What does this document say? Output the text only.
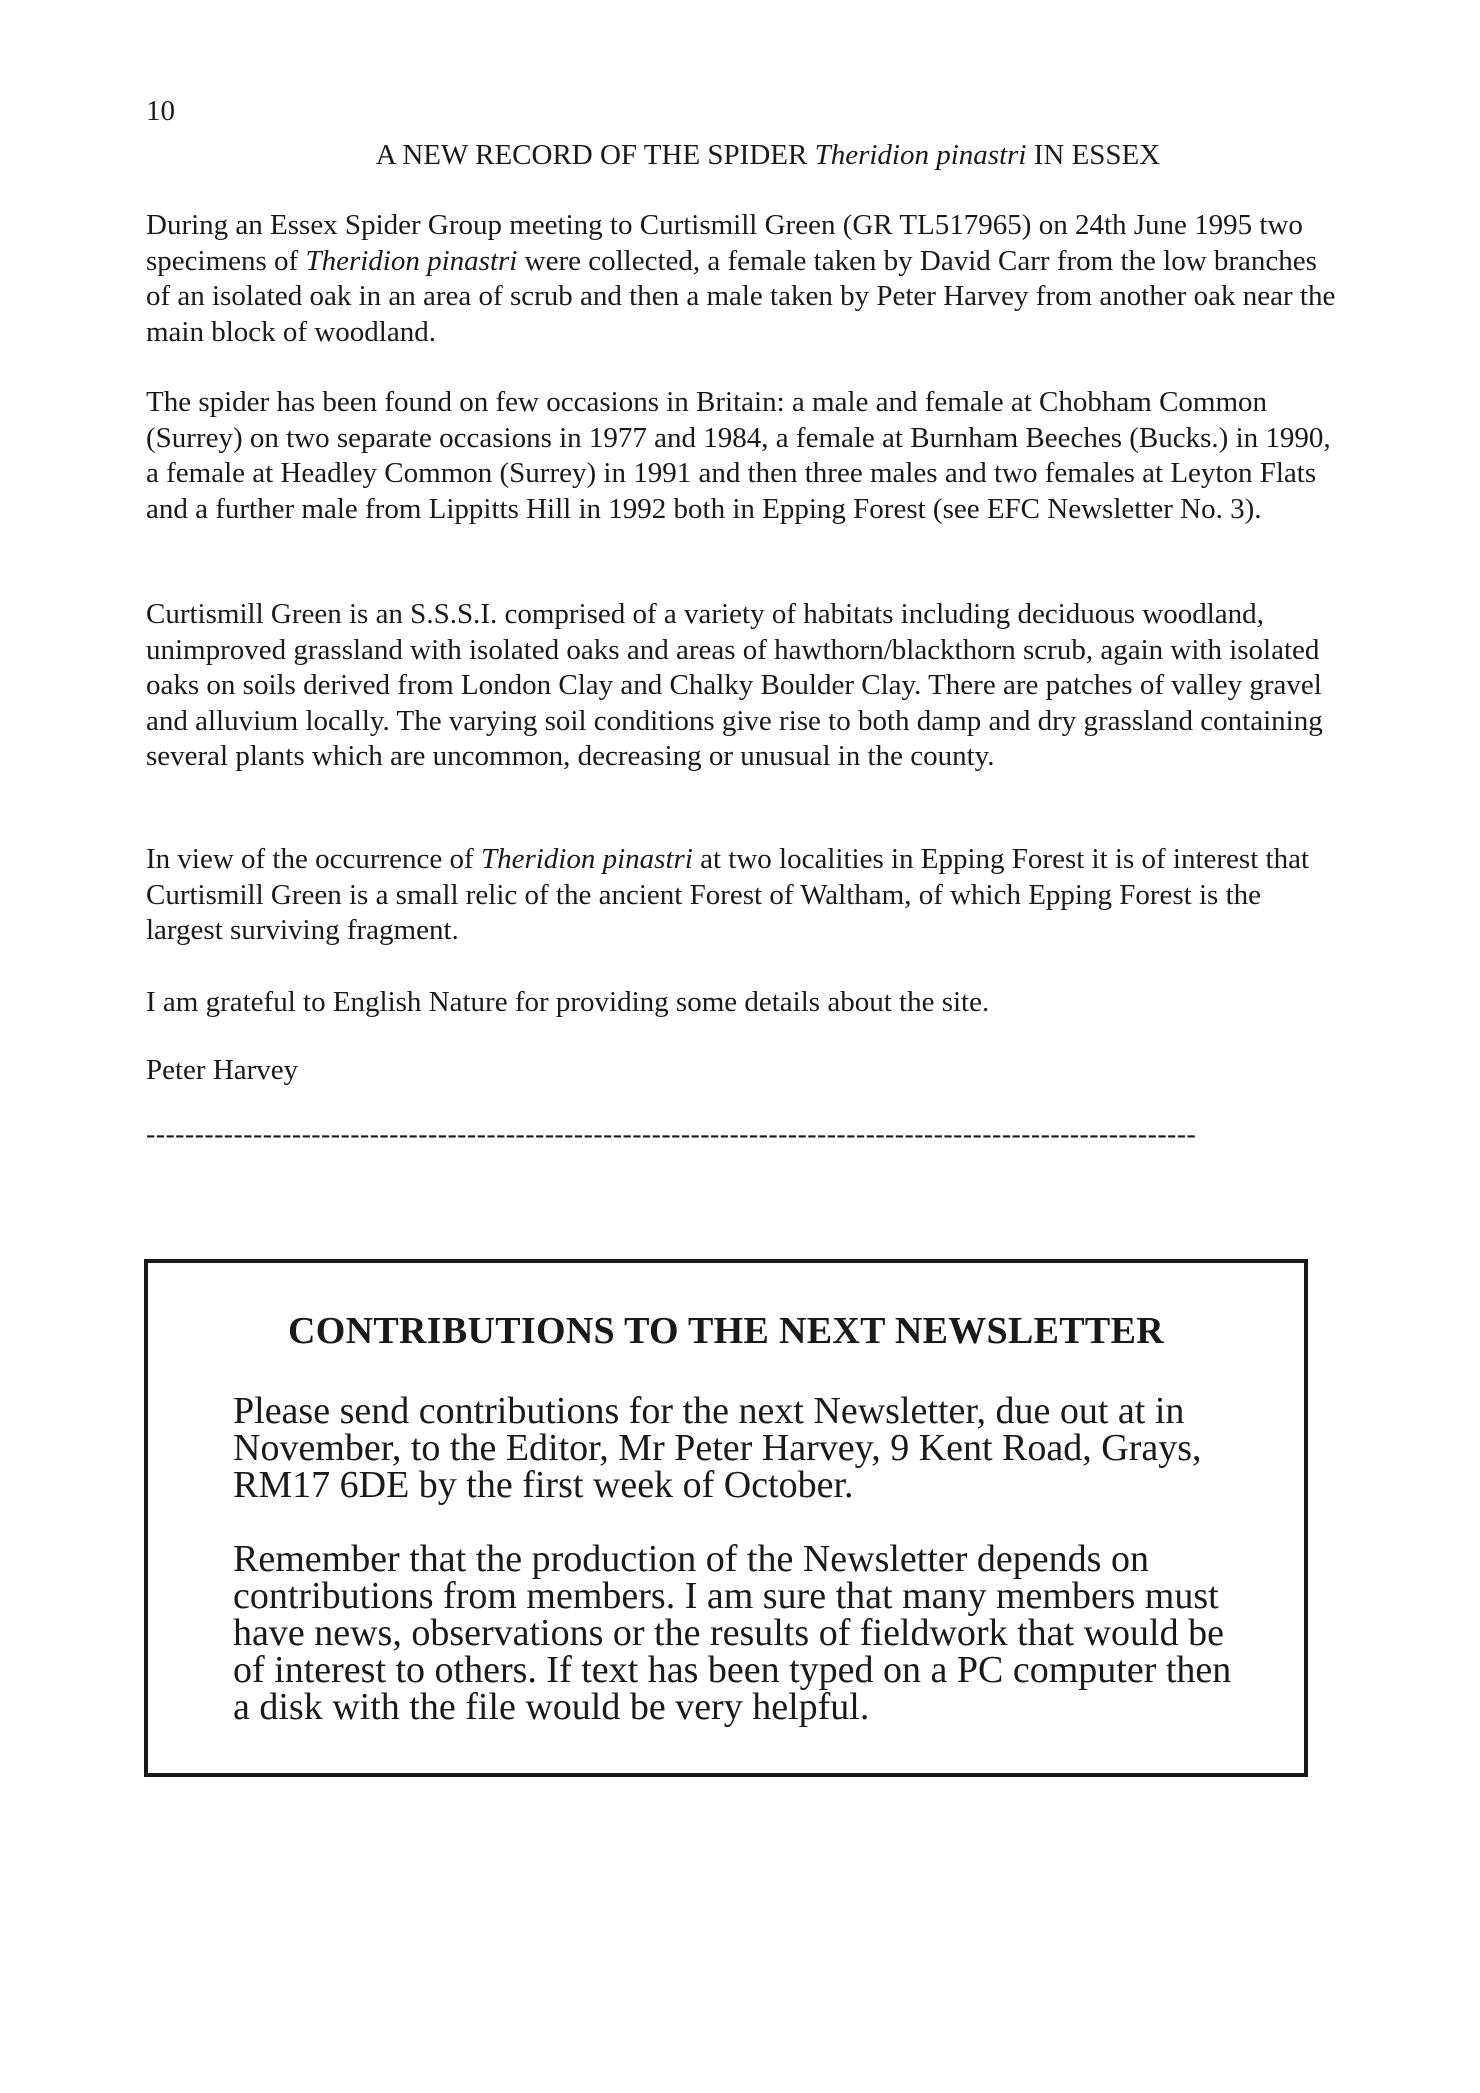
10

A NEW RECORD OF THE SPIDER Theridion pinastri IN ESSEX

During an Essex Spider Group meeting to Curtismill Green (GR TL517965) on 24th June 1995 two specimens of Theridion pinastri were collected, a female taken by David Carr from the low branches of an isolated oak in an area of scrub and then a male taken by Peter Harvey from another oak near the main block of woodland.

The spider has been found on few occasions in Britain: a male and female at Chobham Common (Surrey) on two separate occasions in 1977 and 1984, a female at Burnham Beeches (Bucks.) in 1990, a female at Headley Common (Surrey) in 1991 and then three males and two females at Leyton Flats and a further male from Lippitts Hill in 1992 both in Epping Forest (see EFC Newsletter No. 3).

Curtismill Green is an S.S.S.I. comprised of a variety of habitats including deciduous woodland, unimproved grassland with isolated oaks and areas of hawthorn/blackthorn scrub, again with isolated oaks on soils derived from London Clay and Chalky Boulder Clay. There are patches of valley gravel and alluvium locally. The varying soil conditions give rise to both damp and dry grassland containing several plants which are uncommon, decreasing or unusual in the county.

In view of the occurrence of Theridion pinastri at two localities in Epping Forest it is of interest that Curtismill Green is a small relic of the ancient Forest of Waltham, of which Epping Forest is the largest surviving fragment.

I am grateful to English Nature for providing some details about the site.

Peter Harvey

------------------------------------------------------------------------------------------------------------

CONTRIBUTIONS TO THE NEXT NEWSLETTER

Please send contributions for the next Newsletter, due out at in November, to the Editor, Mr Peter Harvey, 9 Kent Road, Grays, RM17 6DE by the first week of October.

Remember that the production of the Newsletter depends on contributions from members. I am sure that many members must have news, observations or the results of fieldwork that would be of interest to others. If text has been typed on a PC computer then a disk with the file would be very helpful.
